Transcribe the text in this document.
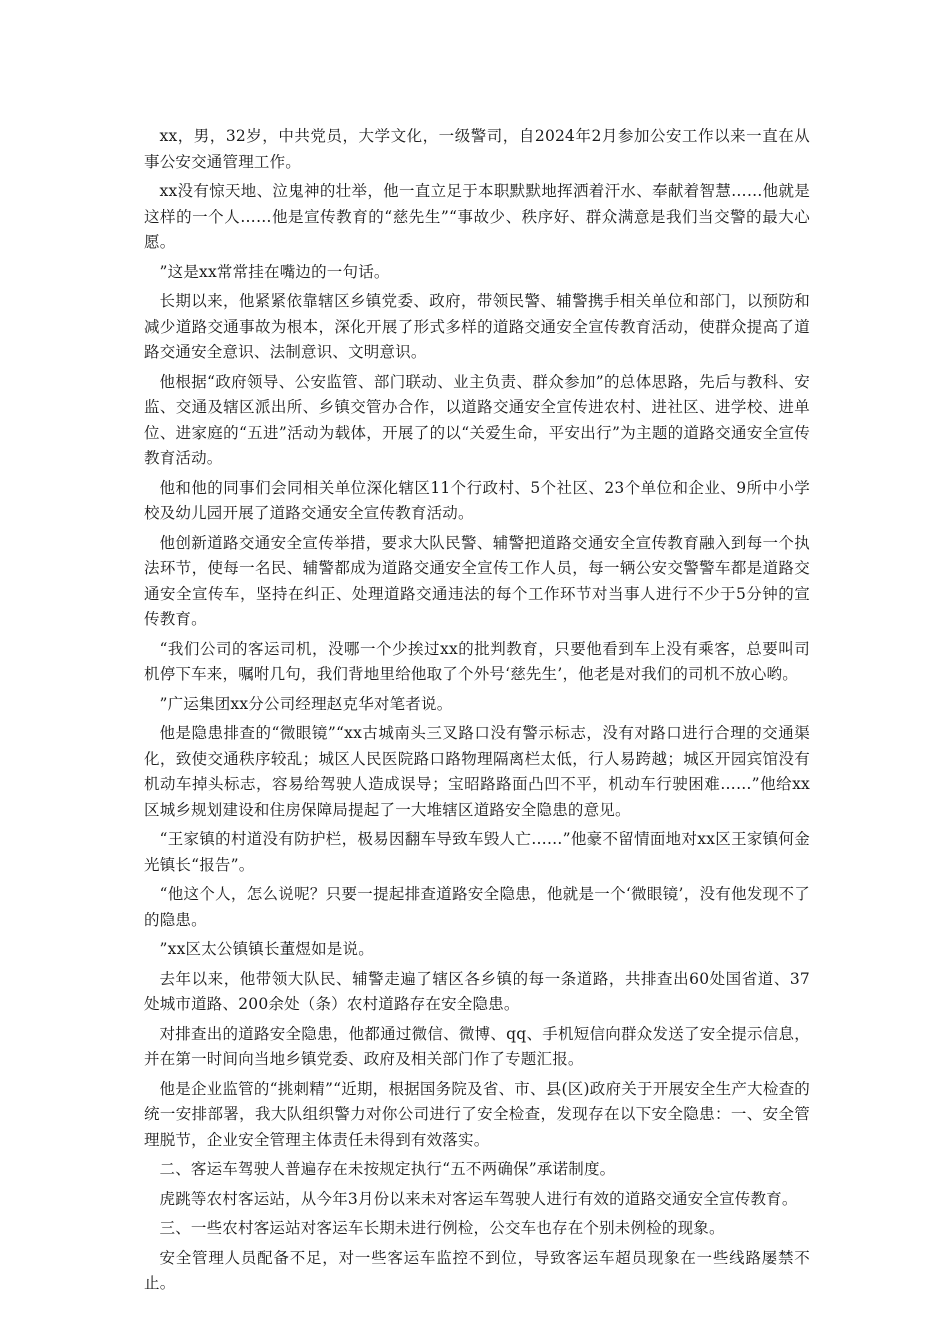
xx，男，32岁，中共党员，大学文化，一级警司，自2024年2月参加公安工作以来一直在从事公安交通管理工作。

xx没有惊天地、泣鬼神的壮举，他一直立足于本职默默地挥洒着汗水、奉献着智慧……他就是这样的一个人……他是宣传教育的“慈先生”“事故少、秩序好、群众满意是我们当交警的最大心愿。

”这是xx常常挂在嘴边的一句话。

长期以来，他紧紧依靠辖区乡镇党委、政府，带领民警、辅警携手相关单位和部门，以预防和减少道路交通事故为根本，深化开展了形式多样的道路交通安全宣传教育活动，使群众提高了道路交通安全意识、法制意识、文明意识。

他根据“政府领导、公安监管、部门联动、业主负责、群众参加”的总体思路，先后与教科、安监、交通及辖区派出所、乡镇交管办合作，以道路交通安全宣传进农村、进社区、进学校、进单位、进家庭的“五进”活动为载体，开展了的以“关爱生命，平安出行”为主题的道路交通安全宣传教育活动。

他和他的同事们会同相关单位深化辖区11个行政村、5个社区、23个单位和企业、9所中小学校及幼儿园开展了道路交通安全宣传教育活动。

他创新道路交通安全宣传举措，要求大队民警、辅警把道路交通安全宣传教育融入到每一个执法环节，使每一名民、辅警都成为道路交通安全宣传工作人员，每一辆公安交警警车都是道路交通安全宣传车，坚持在纠正、处理道路交通违法的每个工作环节对当事人进行不少于5分钟的宣传教育。

“我们公司的客运司机，没哪一个少挨过xx的批判教育，只要他看到车上没有乘客，总要叫司机停下车来，嘱咐几句，我们背地里给他取了个外号‘慈先生’，他老是对我们的司机不放心哟。

”广运集团xx分公司经理赵克华对笔者说。

他是隐患排查的“微眼镜”“xx古城南头三叉路口没有警示标志，没有对路口进行合理的交通渠化，致使交通秩序较乱；城区人民医院路口路物理隔离栏太低，行人易跨越；城区开园宾馆没有机动车掉头标志，容易给驾驶人造成误导；宝昭路路面凸凹不平，机动车行驶困难……”他给xx区城乡规划建设和住房保障局提起了一大堆辖区道路安全隐患的意见。

“王家镇的村道没有防护栏，极易因翻车导致车毁人亡……”他豪不留情面地对xx区王家镇何金光镇长“报告”。

“他这个人，怎么说呢？只要一提起排查道路安全隐患，他就是一个‘微眼镜’，没有他发现不了的隐患。

”xx区太公镇镇长董煜如是说。

去年以来，他带领大队民、辅警走遍了辖区各乡镇的每一条道路，共排查出60处国省道、37处城市道路、200余处（条）农村道路存在安全隐患。

对排查出的道路安全隐患，他都通过微信、微博、qq、手机短信向群众发送了安全提示信息，并在第一时间向当地乡镇党委、政府及相关部门作了专题汇报。

他是企业监管的“挑刺精”“近期，根据国务院及省、市、县(区)政府关于开展安全生产大检查的统一安排部署，我大队组织警力对你公司进行了安全检查，发现存在以下安全隐患：一、安全管理脱节，企业安全管理主体责任未得到有效落实。

二、客运车驾驶人普遍存在未按规定执行“五不两确保”承诺制度。

虎跳等农村客运站，从今年3月份以来未对客运车驾驶人进行有效的道路交通安全宣传教育。

三、一些农村客运站对客运车长期未进行例检，公交车也存在个别未例检的现象。

安全管理人员配备不足，对一些客运车监控不到位，导致客运车超员现象在一些线路屡禁不止。
